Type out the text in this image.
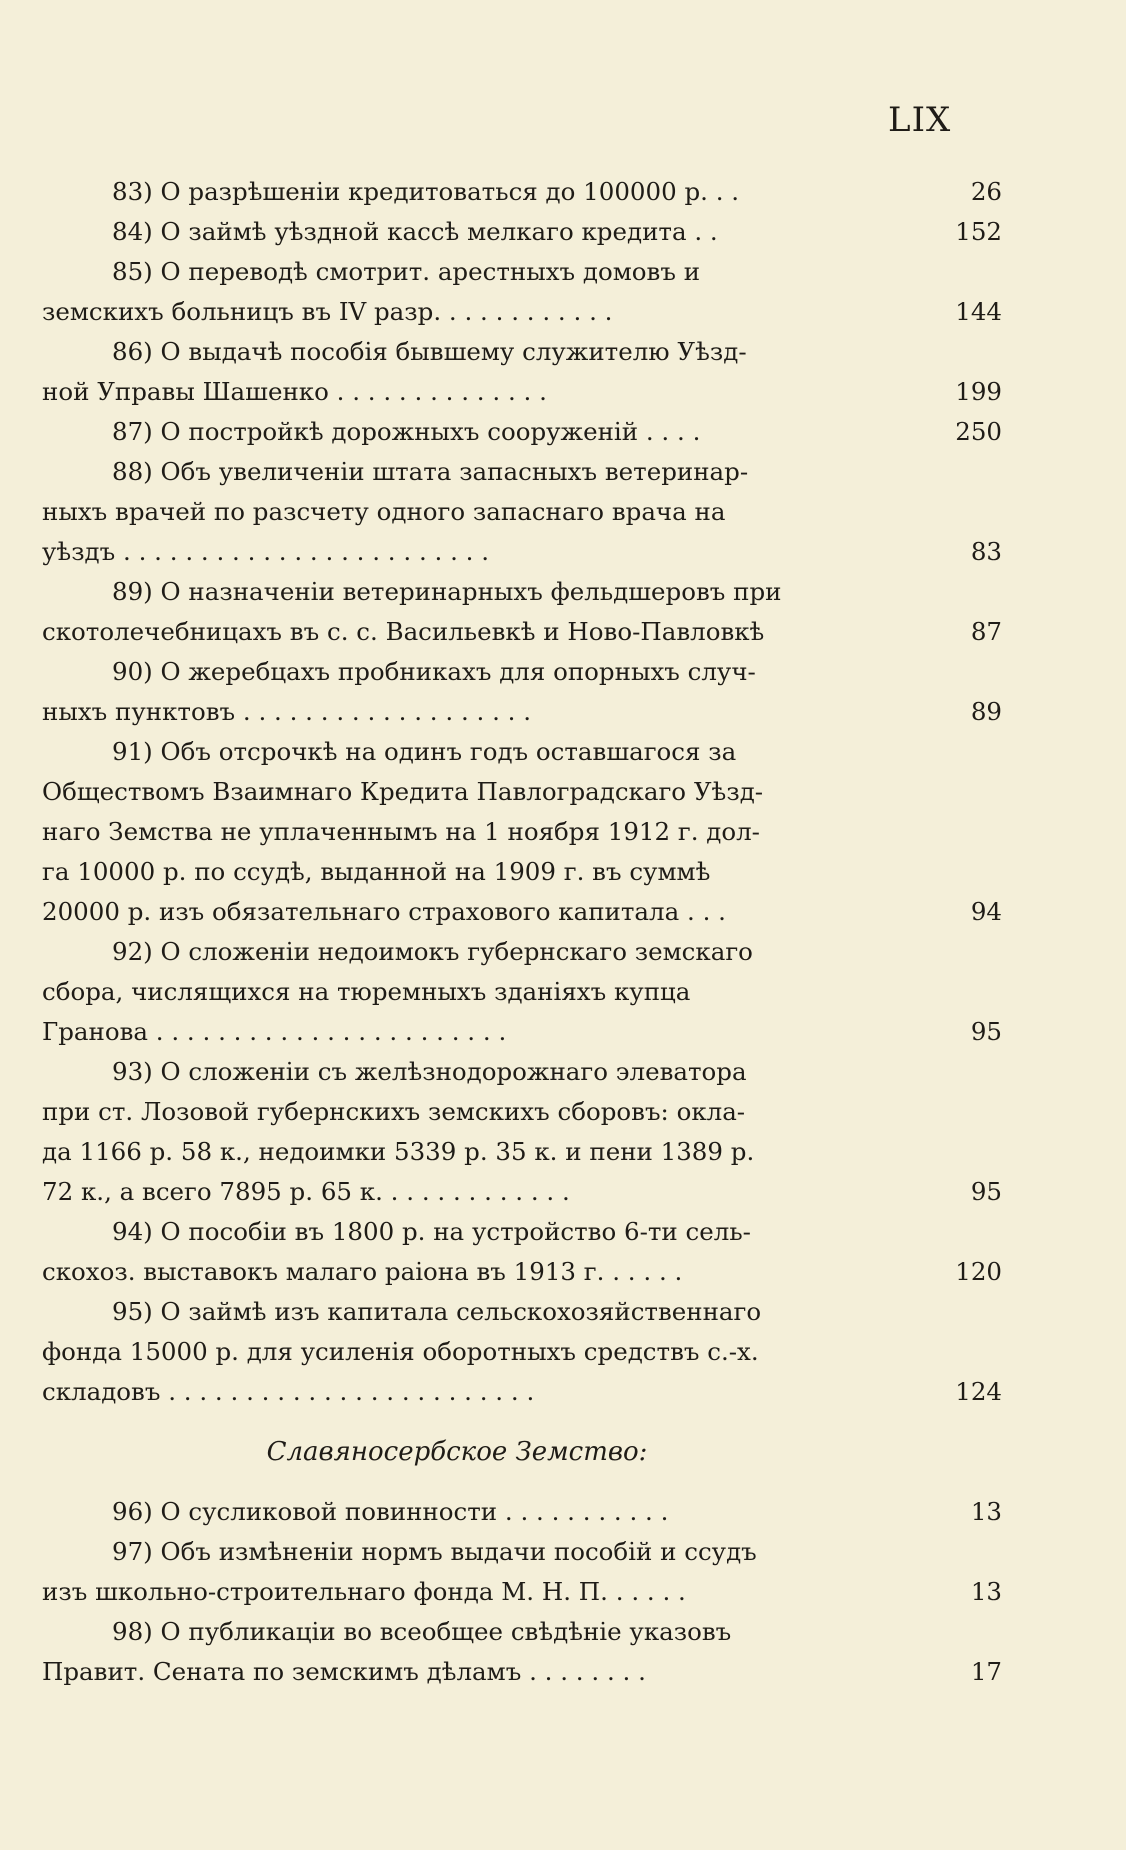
LIX
83) О разрѣшеніи кредитоваться до 100000 р. . .	26
84) О займѣ уѣздной кассѣ мелкаго кредита . .	152
85) О переводѣ смотрит. арестныхъ домовъ и
земскихъ больницъ въ IV разр. . . . . . . . . . . .	144
86) О выдачѣ пособія бывшему служителю Уѣзд-
ной Управы Шашенко . . . . . . . . . . . . . .	199
87) О постройкѣ дорожныхъ сооруженій . . . .	250
88) Объ увеличеніи штата запасныхъ ветеринар-
ныхъ врачей по разсчету одного запаснаго врача на
уѣздъ . . . . . . . . . . . . . . . . . . . . . . . .	83
89) О назначеніи ветеринарныхъ фельдшеровъ при
скотолечебницахъ въ с. с. Васильевкѣ и Ново-Павловкѣ	87
90) О жеребцахъ пробникахъ для опорныхъ случ-
ныхъ пунктовъ . . . . . . . . . . . . . . . . . . .	89
91) Объ отсрочкѣ на одинъ годъ оставшагося за
Обществомъ Взаимнаго Кредита Павлоградскаго Уѣзд-
наго Земства не уплаченнымъ на 1 ноября 1912 г. дол-
га 10000 р. по ссудѣ, выданной на 1909 г. въ суммѣ
20000 р. изъ обязательнаго страхового капитала . . .	94
92) О сложеніи недоимокъ губернскаго земскаго
сбора, числящихся на тюремныхъ зданіяхъ купца
Гранова . . . . . . . . . . . . . . . . . . . . . . .	95
93) О сложеніи съ желѣзнодорожнаго элеватора
при ст. Лозовой губернскихъ земскихъ сборовъ: окла-
да 1166 р. 58 к., недоимки 5339 р. 35 к. и пени 1389 р.
72 к., а всего 7895 р. 65 к. . . . . . . . . . . . .	95
94) О пособіи въ 1800 р. на устройство 6-ти сель-
скохоз. выставокъ малаго раіона въ 1913 г. . . . . .	120
95) О займѣ изъ капитала сельскохозяйственнаго
фонда 15000 р. для усиленія оборотныхъ средствъ с.-х.
складовъ . . . . . . . . . . . . . . . . . . . . . . . .	124
Славяносербское Земство:
96) О сусликовой повинности . . . . . . . . . . .	13
97) Объ измѣненіи нормъ выдачи пособій и ссудъ
изъ школьно-строительнаго фонда М. Н. П. . . . . .	13
98) О публикаціи во всеобщее свѣдѣніе указовъ
Правит. Сената по земскимъ дѣламъ . . . . . . . .	17
